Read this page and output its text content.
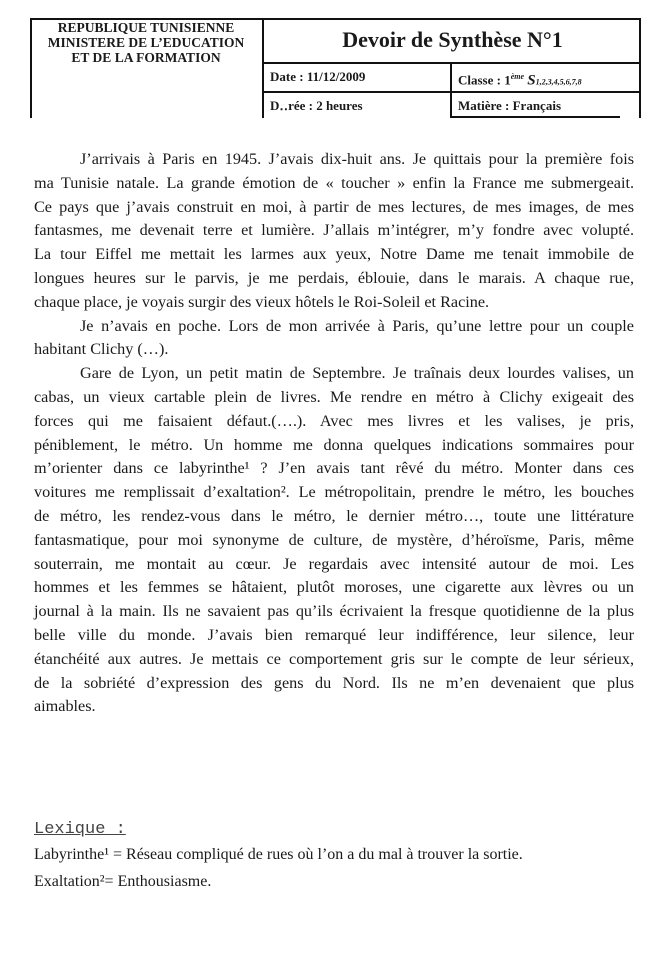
REPUBLIQUE TUNISIENNE
MINISTERE DE L’EDUCATION
ET DE LA FORMATION
Devoir de Synthèse N°1
Date : 11/12/2009	Classe : 1ème S1,2,3,4,5,6,7,8
D‥rée : 2 heures	Matière : Français
J’arrivais à Paris en 1945. J’avais dix-huit ans. Je quittais pour la première fois
ma Tunisie natale. La grande émotion de « toucher » enfin la France me submergeait.
Ce pays que j’avais construit en moi, à partir de mes lectures, de mes images, de mes
fantasmes, me devenait terre et lumière. J’allais m’intégrer, m’y fondre avec volupté.
La tour Eiffel me mettait les larmes aux yeux, Notre Dame me tenait immobile de
longues heures sur le parvis, je me perdais, éblouie, dans le marais. A chaque rue,
chaque place, je voyais surgir des vieux hôtels le Roi-Soleil et Racine.
Je n’avais en poche. Lors de mon arrivée à Paris, qu’une lettre pour un couple
habitant Clichy (…).
Gare de Lyon, un petit matin de Septembre. Je traînais deux lourdes valises, un
cabas, un vieux cartable plein de livres. Me rendre en métro à Clichy exigeait des
forces qui me faisaient défaut.(….). Avec mes livres et les valises, je pris,
péniblement, le métro. Un homme me donna quelques indications sommaires pour
m’orienter dans ce labyrinthe¹ ? J’en avais tant rêvé du métro. Monter dans ces
voitures me remplissait d’exaltation². Le métropolitain, prendre le métro, les bouches
de métro, les rendez-vous dans le métro, le dernier métro…, toute une littérature
fantasmatique, pour moi synonyme de culture, de mystère, d’héroïsme, Paris, même
souterrain, me montait au cœur. Je regardais avec intensité autour de moi. Les
hommes et les femmes se hâtaient, plutôt moroses, une cigarette aux lèvres ou un
journal à la main. Ils ne savaient pas qu’ils écrivaient la fresque quotidienne de la plus
belle ville du monde. J’avais bien remarqué leur indifférence, leur silence, leur
étanchéité aux autres. Je mettais ce comportement gris sur le compte de leur sérieux,
de la sobriété d’expression des gens du Nord. Ils ne m’en devenaient que plus
aimables.
Lexique :
Labyrinthe¹ = Réseau compliqué de rues où l’on a du mal à trouver la sortie.
Exaltation²= Enthousiasme.
